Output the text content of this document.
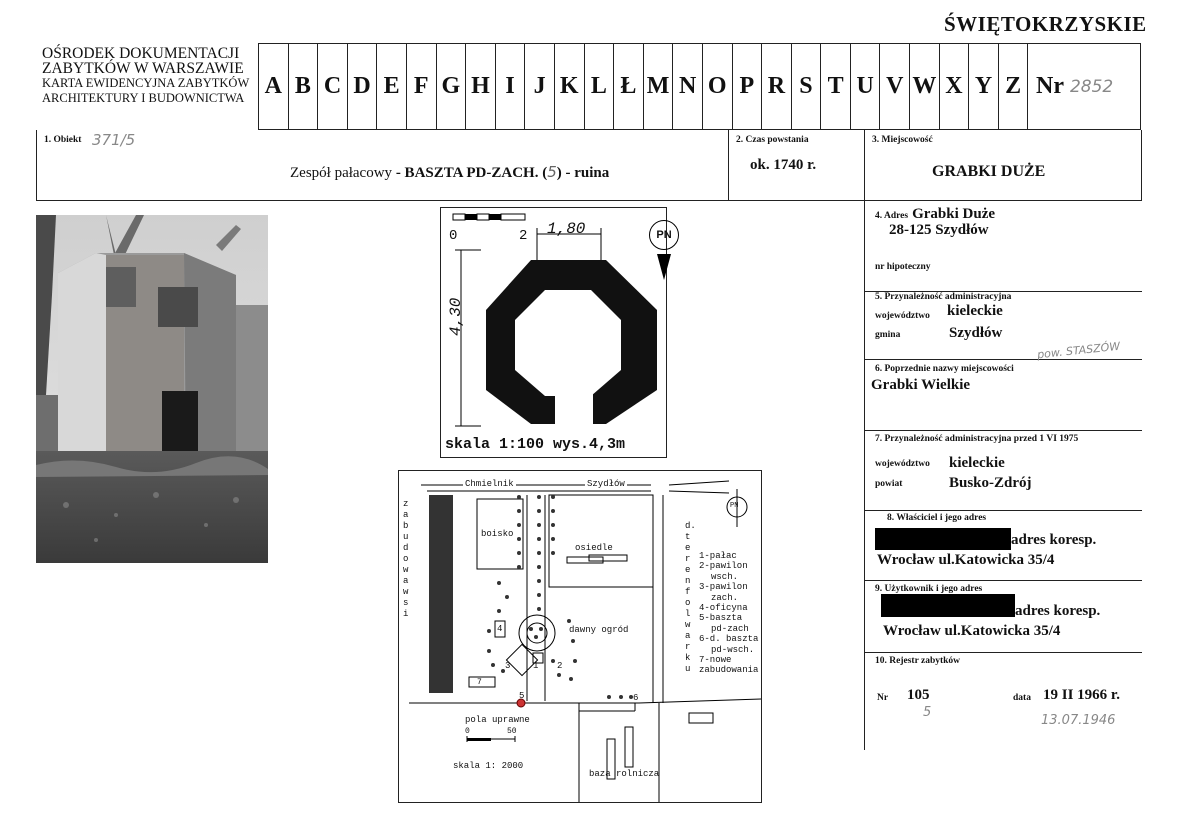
ŚWIĘTOKRZYSKIE
OŚRODEK DOKUMENTACJI
ZABYTKÓW W WARSZAWIE
KARTA EWIDENCYJNA ZABYTKÓW
ARCHITEKTURY I BUDOWNICTWA A B C D E F G H I J K L Ł M N O P R S T U V W X Y Z Nr 2852
1. Obiekt 371/5
Zespół pałacowy - BASZTA PD-ZACH. (5) - ruina
2. Czas powstania
ok. 1740 r.
3. Miejscowość
GRABKI DUŻE
4. Adres Grabki Duże
28-125 Szydłów
nr hipoteczny
5. Przynależność administracyjna
województwo kieleckie
gmina	Szydłów
pow. STASZÓW
6. Poprzednie nazwy miejscowości
Grabki Wielkie
7. Przynależność administracyjna przed 1 VI 1975
województwo kieleckie
powiat	Busko-Zdrój
8. Właściciel i jego adres
adres koresp.
Wrocław ul.Katowicka 35/4
9. Użytkownik i jego adres
adres koresp.
Wrocław ul.Katowicka 35/4
10. Rejestr zabytków
Nr 105
5
data 19 II 1966 r.
13.07.1946
0	2 1,80
4,30
PN
skala 1:100 wys.4,3m
Chmielnik	Szydłów
zabudowa wsi
d. teren folwarku
boisko
osiedle
dawny ogród
pola uprawne
baza rolnicza
skala 1: 2000
0	50
PN
1-pałac
2-pawilon
wsch.
3-pawilon
zach.
4-oficyna
5-baszta
pd-zach
6-d. baszta
pd-wsch.
7-nowe
zabudowania
1 2
3
4
5	6
7
